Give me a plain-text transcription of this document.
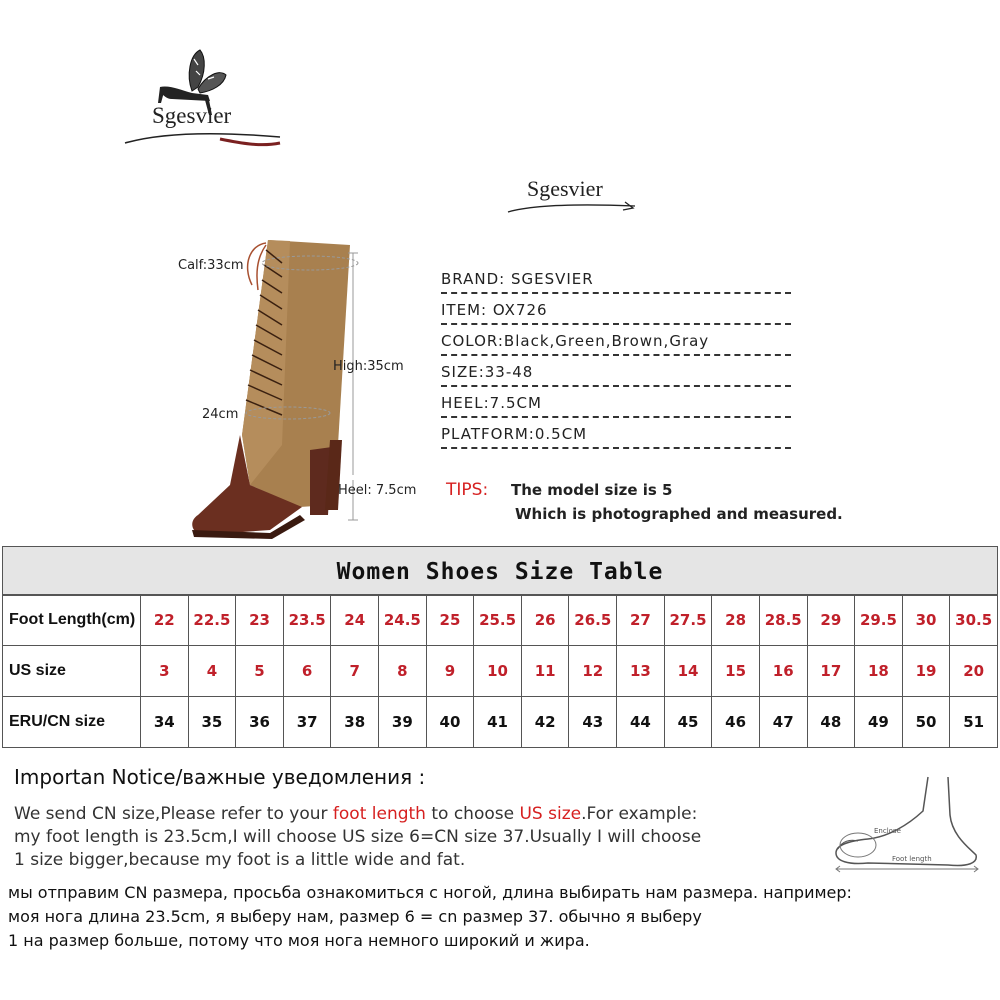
Sgesvier
Sgesvier
Calf:33cm
High:35cm
24cm
Heel: 7.5cm
BRAND: SGESVIER
ITEM: OX726
COLOR:Black,Green,Brown,Gray
SIZE:33-48
HEEL:7.5CM
PLATFORM:0.5CM
TIPS: The model size is 5
Which is photographed and measured.
Women Shoes Size Table
Foot Length(cm)	22	22.5	23	23.5	24	24.5	25	25.5	26	26.5	27	27.5	28	28.5	29	29.5	30	30.5
US size	3	4	5	6	7	8	9	10	11	12	13	14	15	16	17	18	19	20
ERU/CN size	34	35	36	37	38	39	40	41	42	43	44	45	46	47	48	49	50	51
Importan Notice/важные уведомления :
We send CN size,Please refer to your foot length to choose US size.For example:
my foot length is 23.5cm,I will choose US size 6=CN size 37.Usually I will choose
1 size bigger,because my foot is a little wide and fat.
мы отправим CN размера, просьба ознакомиться с ногой, длина выбирать нам размера. например:
моя нога длина 23.5cm, я выберу нам, размер 6 = cn размер 37. обычно я выберу
1 на размер больше, потому что моя нога немного широкий и жира.
Enclose
Foot length
